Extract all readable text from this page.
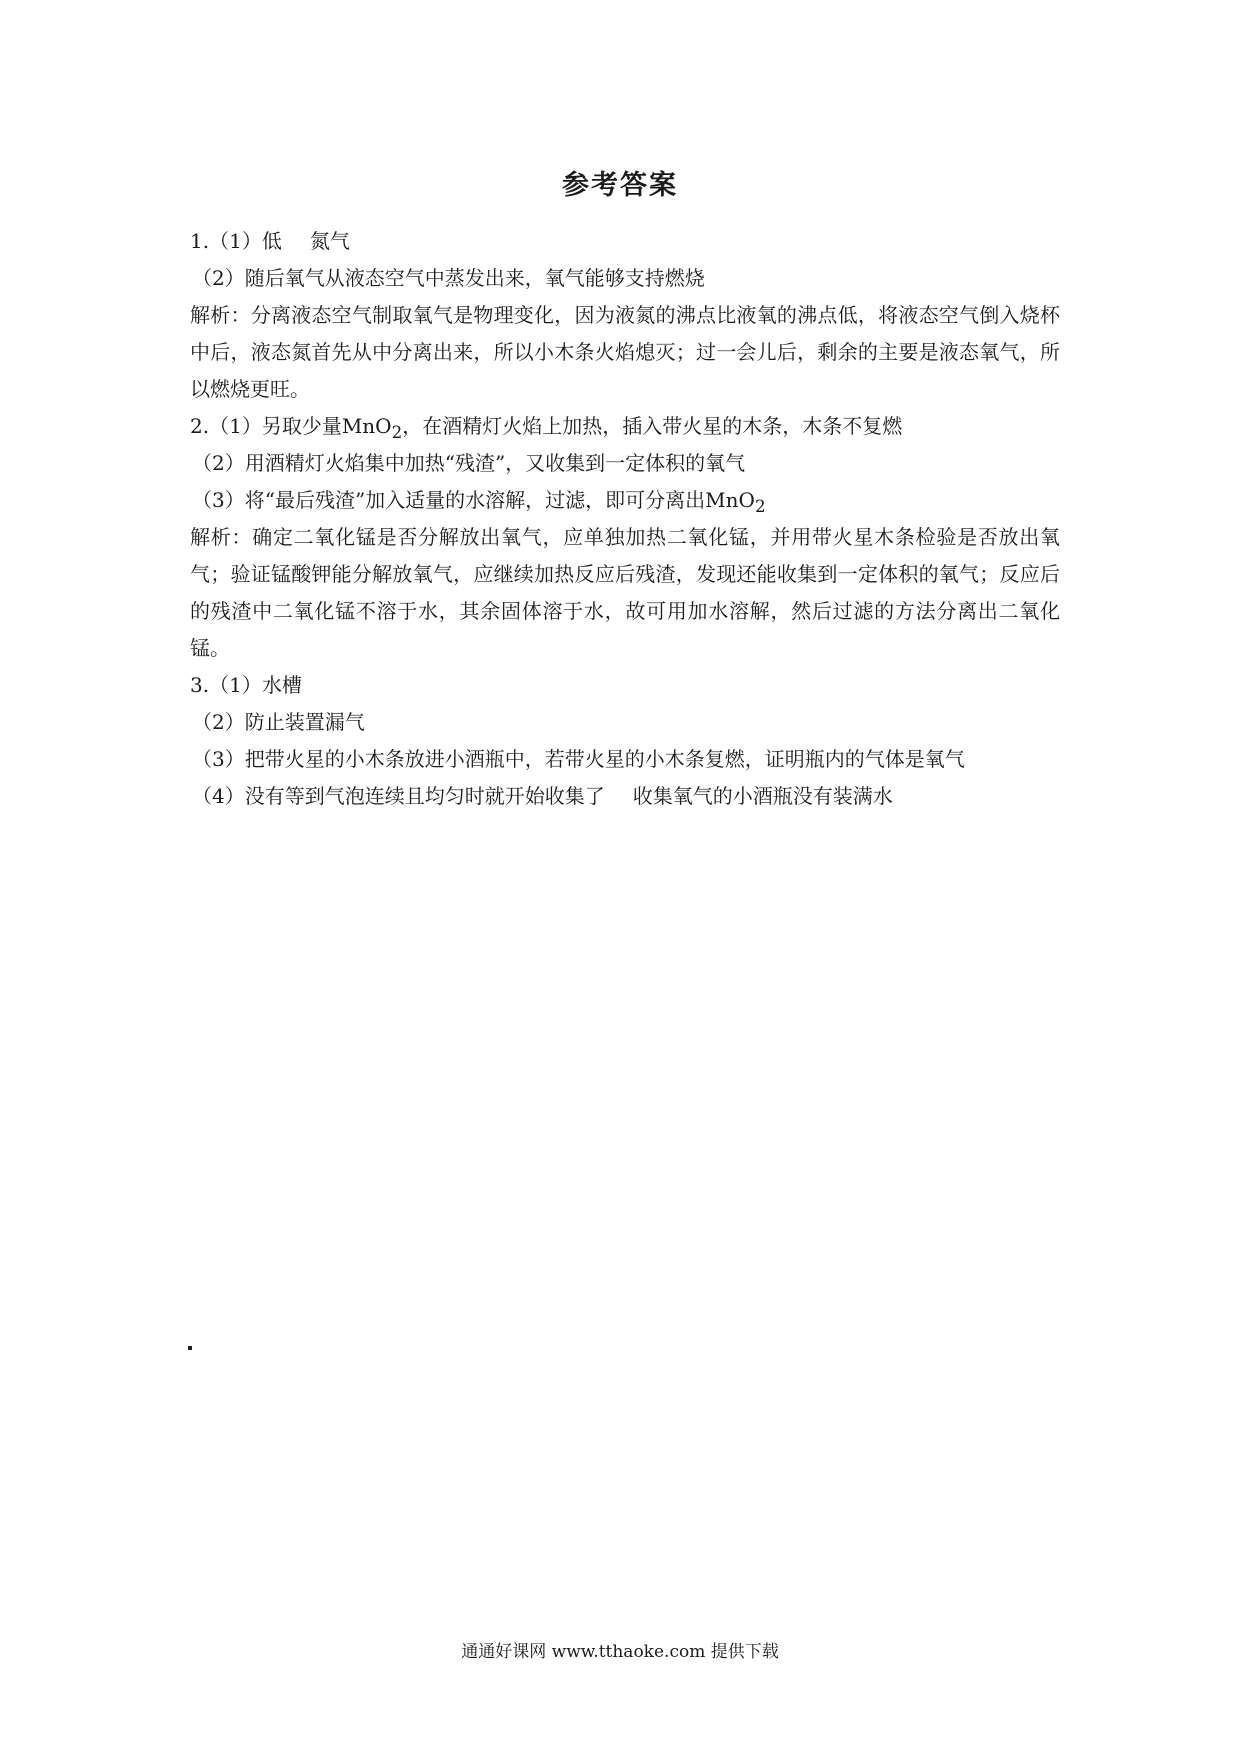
参考答案

1.（1）低 氮气

（2）随后氧气从液态空气中蒸发出来，氧气能够支持燃烧

解析：分离液态空气制取氧气是物理变化，因为液氮的沸点比液氧的沸点低，将液态空气倒入烧杯中后，液态氮首先从中分离出来，所以小木条火焰熄灭；过一会儿后，剩余的主要是液态氧气，所以燃烧更旺。

2.（1）另取少量MnO$_2$，在酒精灯火焰上加热，插入带火星的木条，木条不复燃

（2）用酒精灯火焰集中加热“残渣”，又收集到一定体积的氧气

（3）将“最后残渣”加入适量的水溶解，过滤，即可分离出MnO$_2$

解析：确定二氧化锰是否分解放出氧气，应单独加热二氧化锰，并用带火星木条检验是否放出氧气；验证锰酸钾能分解放氧气，应继续加热反应后残渣，发现还能收集到一定体积的氧气；反应后的残渣中二氧化锰不溶于水，其余固体溶于水，故可用加水溶解，然后过滤的方法分离出二氧化锰。

3.（1）水槽

（2）防止装置漏气

（3）把带火星的小木条放进小酒瓶中，若带火星的小木条复燃，证明瓶内的气体是氧气

（4）没有等到气泡连续且均匀时就开始收集了 收集氧气的小酒瓶没有装满水

通通好课网 www.tthaoke.com 提供下载
